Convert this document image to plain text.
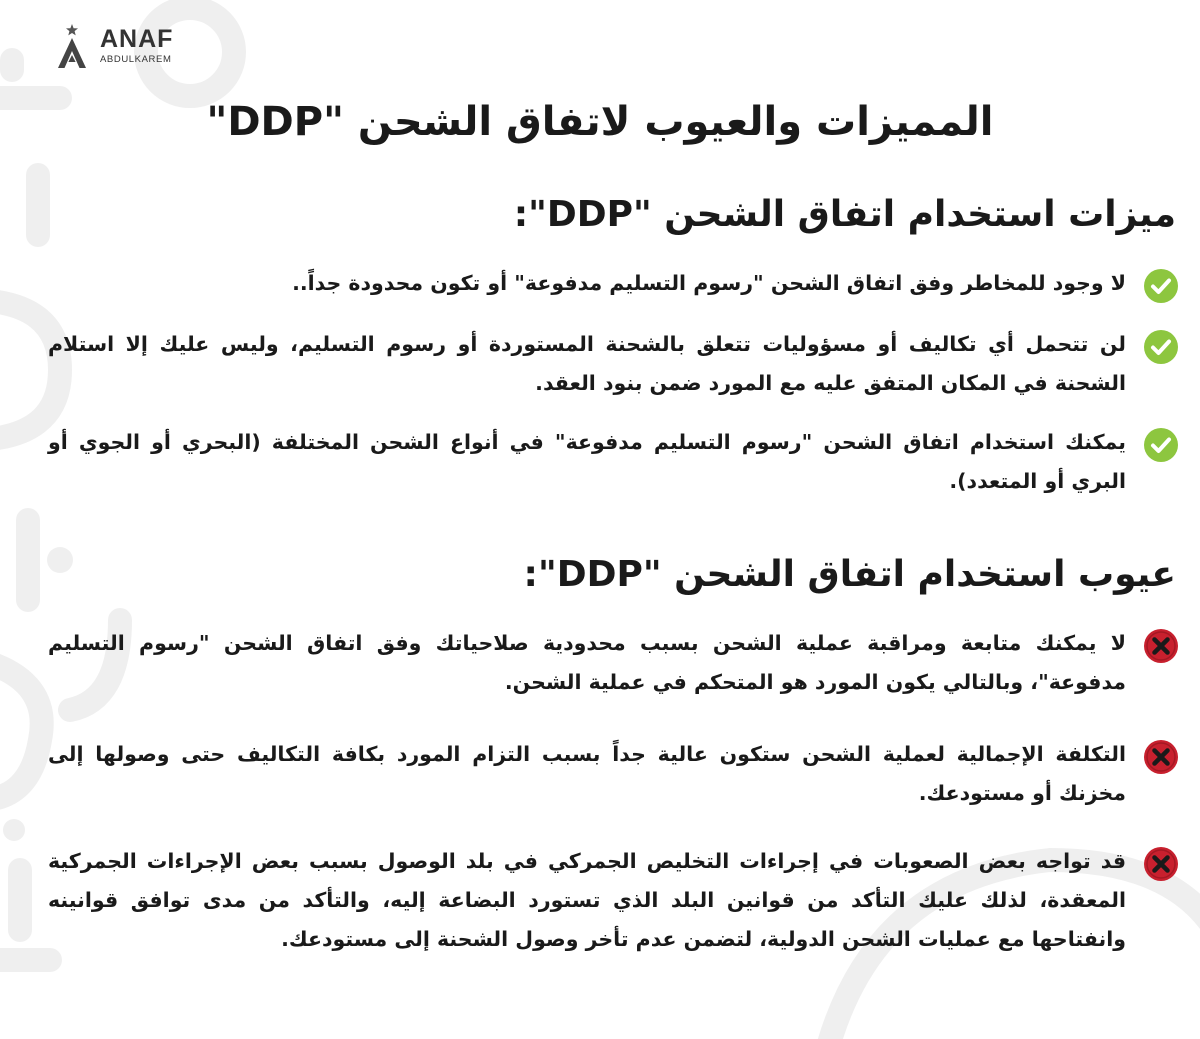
ANAF
ABDULKAREM
المميزات والعيوب لاتفاق الشحن "DDP"
ميزات استخدام اتفاق الشحن "DDP":
لا وجود للمخاطر وفق اتفاق الشحن "رسوم التسليم مدفوعة" أو تكون محدودة جداً..
لن تتحمل أي تكاليف أو مسؤوليات تتعلق بالشحنة المستوردة أو رسوم التسليم، وليس عليك إلا استلام الشحنة في المكان المتفق عليه مع المورد ضمن بنود العقد.
يمكنك استخدام اتفاق الشحن "رسوم التسليم مدفوعة" في أنواع الشحن المختلفة (البحري أو الجوي أو البري أو المتعدد).
عيوب استخدام اتفاق الشحن "DDP":
لا يمكنك متابعة ومراقبة عملية الشحن بسبب محدودية صلاحياتك وفق اتفاق الشحن "رسوم التسليم مدفوعة"، وبالتالي يكون المورد هو المتحكم في عملية الشحن.
التكلفة الإجمالية لعملية الشحن ستكون عالية جداً بسبب التزام المورد بكافة التكاليف حتى وصولها إلى مخزنك أو مستودعك.
قد تواجه بعض الصعوبات في إجراءات التخليص الجمركي في بلد الوصول بسبب بعض الإجراءات الجمركية المعقدة، لذلك عليك التأكد من قوانين البلد الذي تستورد البضاعة إليه، والتأكد من مدى توافق قوانينه وانفتاحها مع عمليات الشحن الدولية، لتضمن عدم تأخر وصول الشحنة إلى مستودعك.
